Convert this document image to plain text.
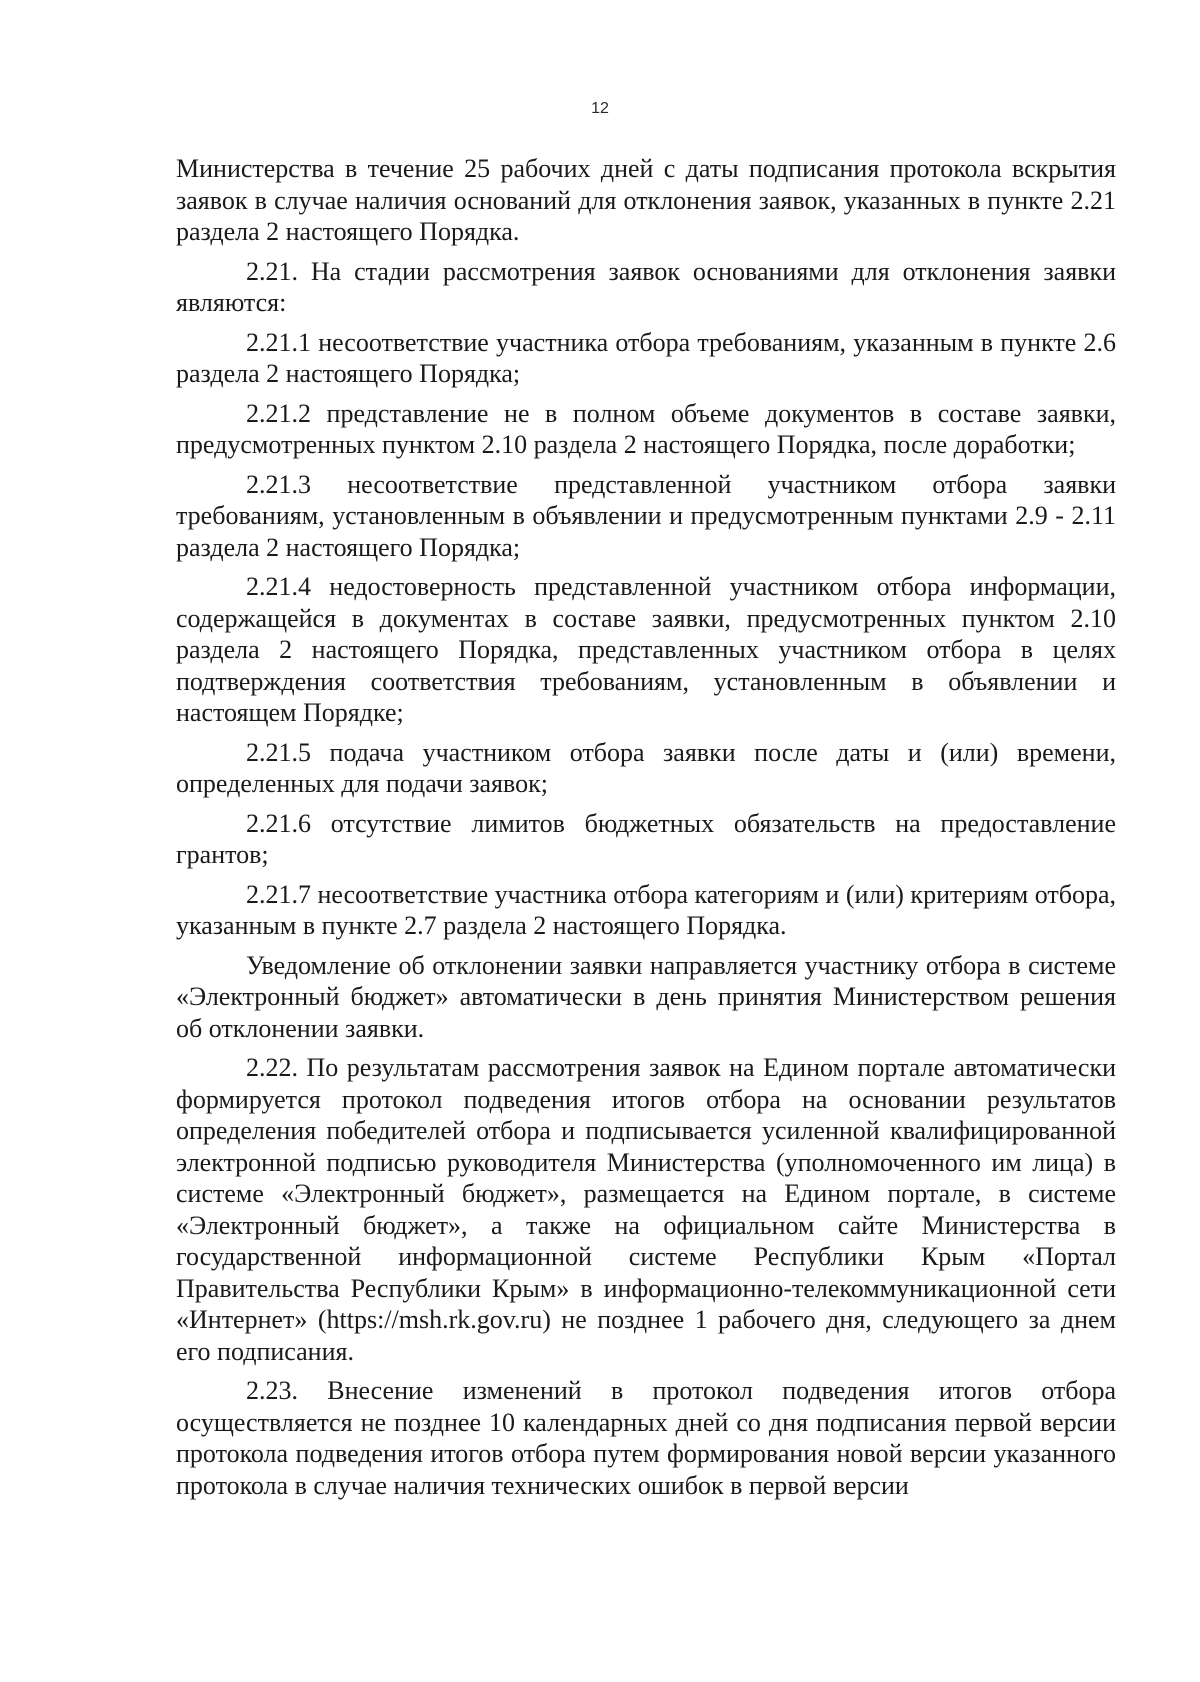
12

Министерства в течение 25 рабочих дней с даты подписания протокола вскрытия заявок в случае наличия оснований для отклонения заявок, указанных в пункте 2.21 раздела 2 настоящего Порядка.

2.21. На стадии рассмотрения заявок основаниями для отклонения заявки являются:

2.21.1 несоответствие участника отбора требованиям, указанным в пункте 2.6 раздела 2 настоящего Порядка;

2.21.2 представление не в полном объеме документов в составе заявки, предусмотренных пунктом 2.10 раздела 2 настоящего Порядка, после доработки;

2.21.3 несоответствие представленной участником отбора заявки требованиям, установленным в объявлении и предусмотренным пунктами 2.9 - 2.11 раздела 2 настоящего Порядка;

2.21.4 недостоверность представленной участником отбора информации, содержащейся в документах в составе заявки, предусмотренных пунктом 2.10 раздела 2 настоящего Порядка, представленных участником отбора в целях подтверждения соответствия требованиям, установленным в объявлении и настоящем Порядке;

2.21.5 подача участником отбора заявки после даты и (или) времени, определенных для подачи заявок;

2.21.6 отсутствие лимитов бюджетных обязательств на предоставление грантов;

2.21.7 несоответствие участника отбора категориям и (или) критериям отбора, указанным в пункте 2.7 раздела 2 настоящего Порядка.

Уведомление об отклонении заявки направляется участнику отбора в системе «Электронный бюджет» автоматически в день принятия Министерством решения об отклонении заявки.

2.22. По результатам рассмотрения заявок на Едином портале автоматически формируется протокол подведения итогов отбора на основании результатов определения победителей отбора и подписывается усиленной квалифицированной электронной подписью руководителя Министерства (уполномоченного им лица) в системе «Электронный бюджет», размещается на Едином портале, в системе «Электронный бюджет», а также на официальном сайте Министерства в государственной информационной системе Республики Крым «Портал Правительства Республики Крым» в информационно-телекоммуникационной сети «Интернет» (https://msh.rk.gov.ru) не позднее 1 рабочего дня, следующего за днем его подписания.

2.23. Внесение изменений в протокол подведения итогов отбора осуществляется не позднее 10 календарных дней со дня подписания первой версии протокола подведения итогов отбора путем формирования новой версии указанного протокола в случае наличия технических ошибок в первой версии
